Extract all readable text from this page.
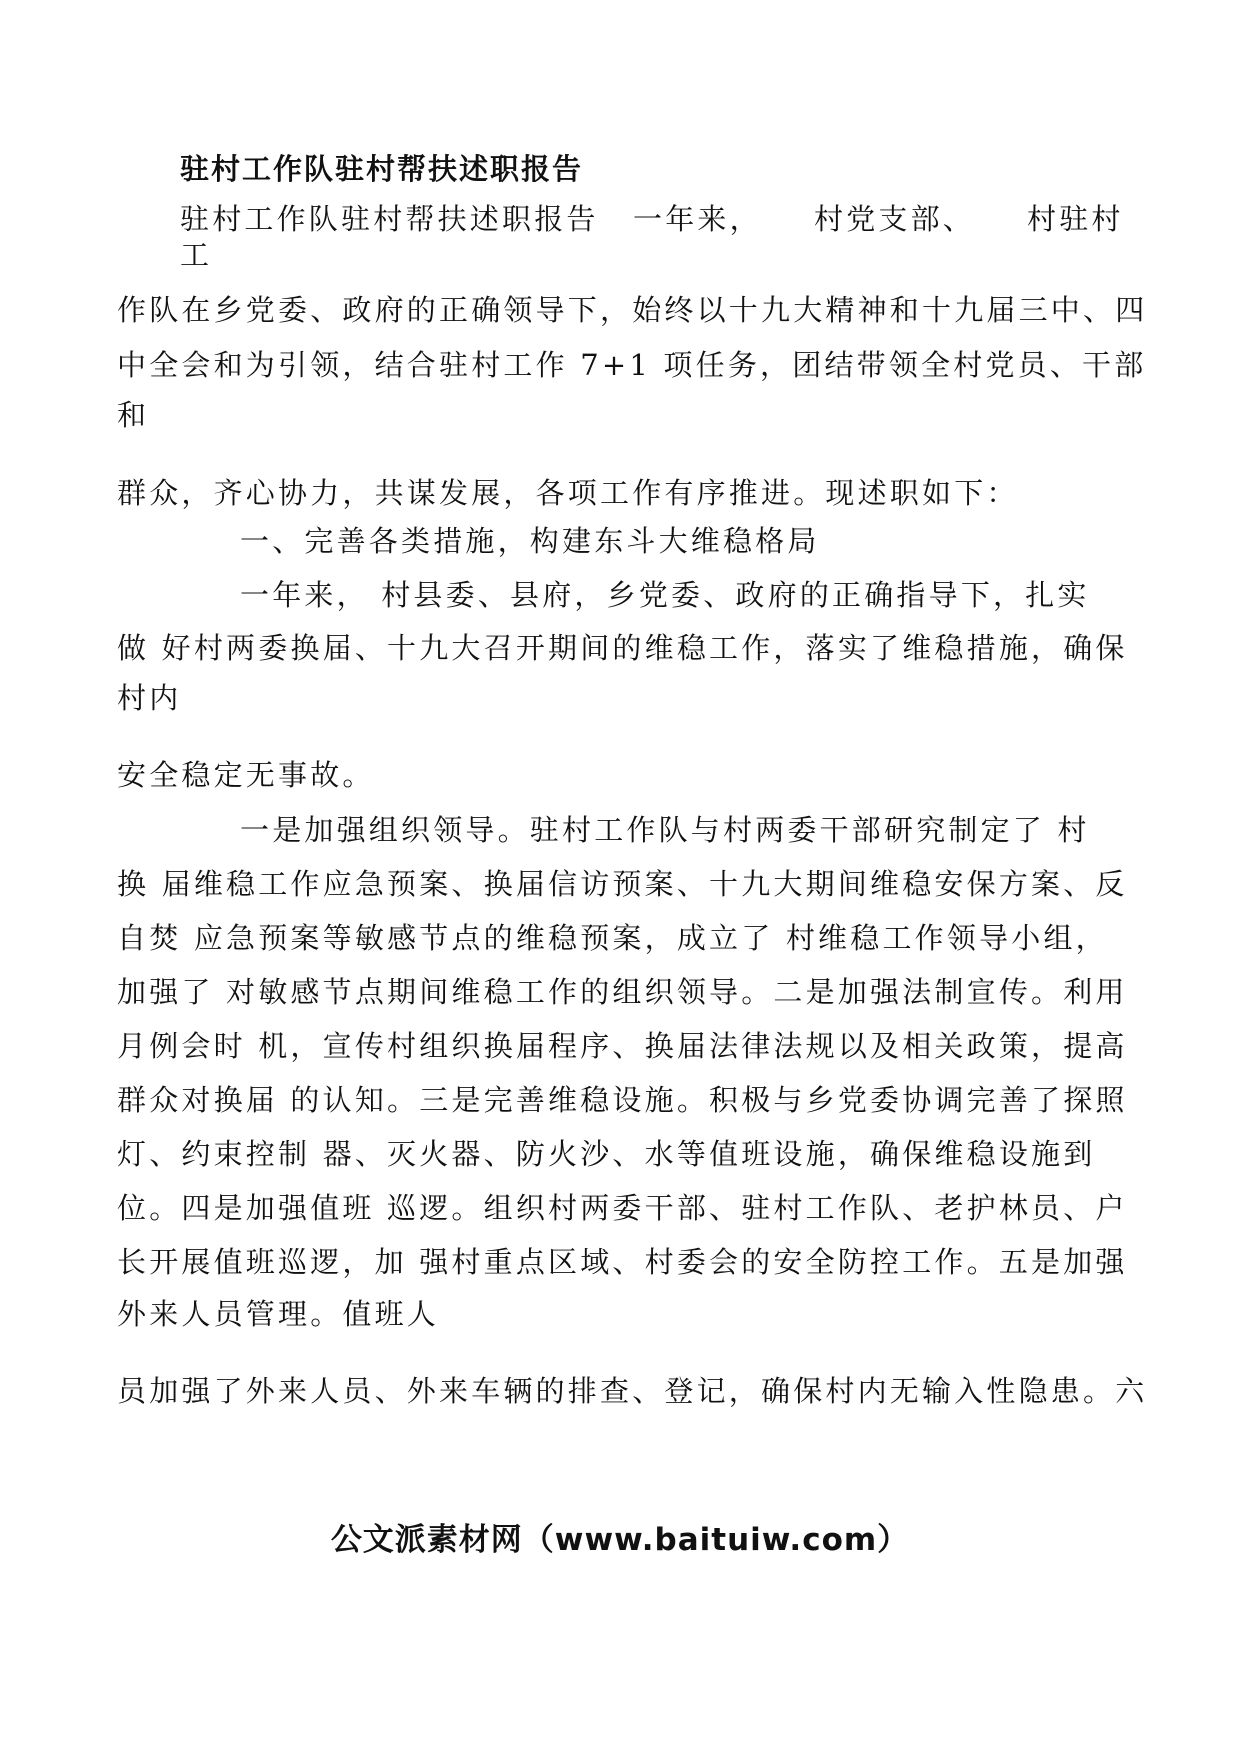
驻村工作队驻村帮扶述职报告
驻村工作队驻村帮扶述职报告 一年来， 村党支部、 村驻村
工
作队在乡党委、政府的正确领导下，始终以十九大精神和十九届三中、四
中全会和为引领，结合驻村工作 7+1 项任务，团结带领全村党员、干部
和
群众，齐心协力，共谋发展，各项工作有序推进。现述职如下：
一、完善各类措施，构建东斗大维稳格局
一年来， 村县委、县府，乡党委、政府的正确指导下，扎实
做 好村两委换届、十九大召开期间的维稳工作，落实了维稳措施，确保
村内
安全稳定无事故。
一是加强组织领导。驻村工作队与村两委干部研究制定了 村
换 届维稳工作应急预案、换届信访预案、十九大期间维稳安保方案、反
自焚 应急预案等敏感节点的维稳预案，成立了 村维稳工作领导小组，
加强了 对敏感节点期间维稳工作的组织领导。二是加强法制宣传。利用
月例会时 机，宣传村组织换届程序、换届法律法规以及相关政策，提高
群众对换届 的认知。三是完善维稳设施。积极与乡党委协调完善了探照
灯、约束控制 器、灭火器、防火沙、水等值班设施，确保维稳设施到
位。四是加强值班 巡逻。组织村两委干部、驻村工作队、老护林员、户
长开展值班巡逻，加 强村重点区域、村委会的安全防控工作。五是加强
外来人员管理。值班人
员加强了外来人员、外来车辆的排查、登记，确保村内无输入性隐患。六
公文派素材网（www.baituiw.com）
